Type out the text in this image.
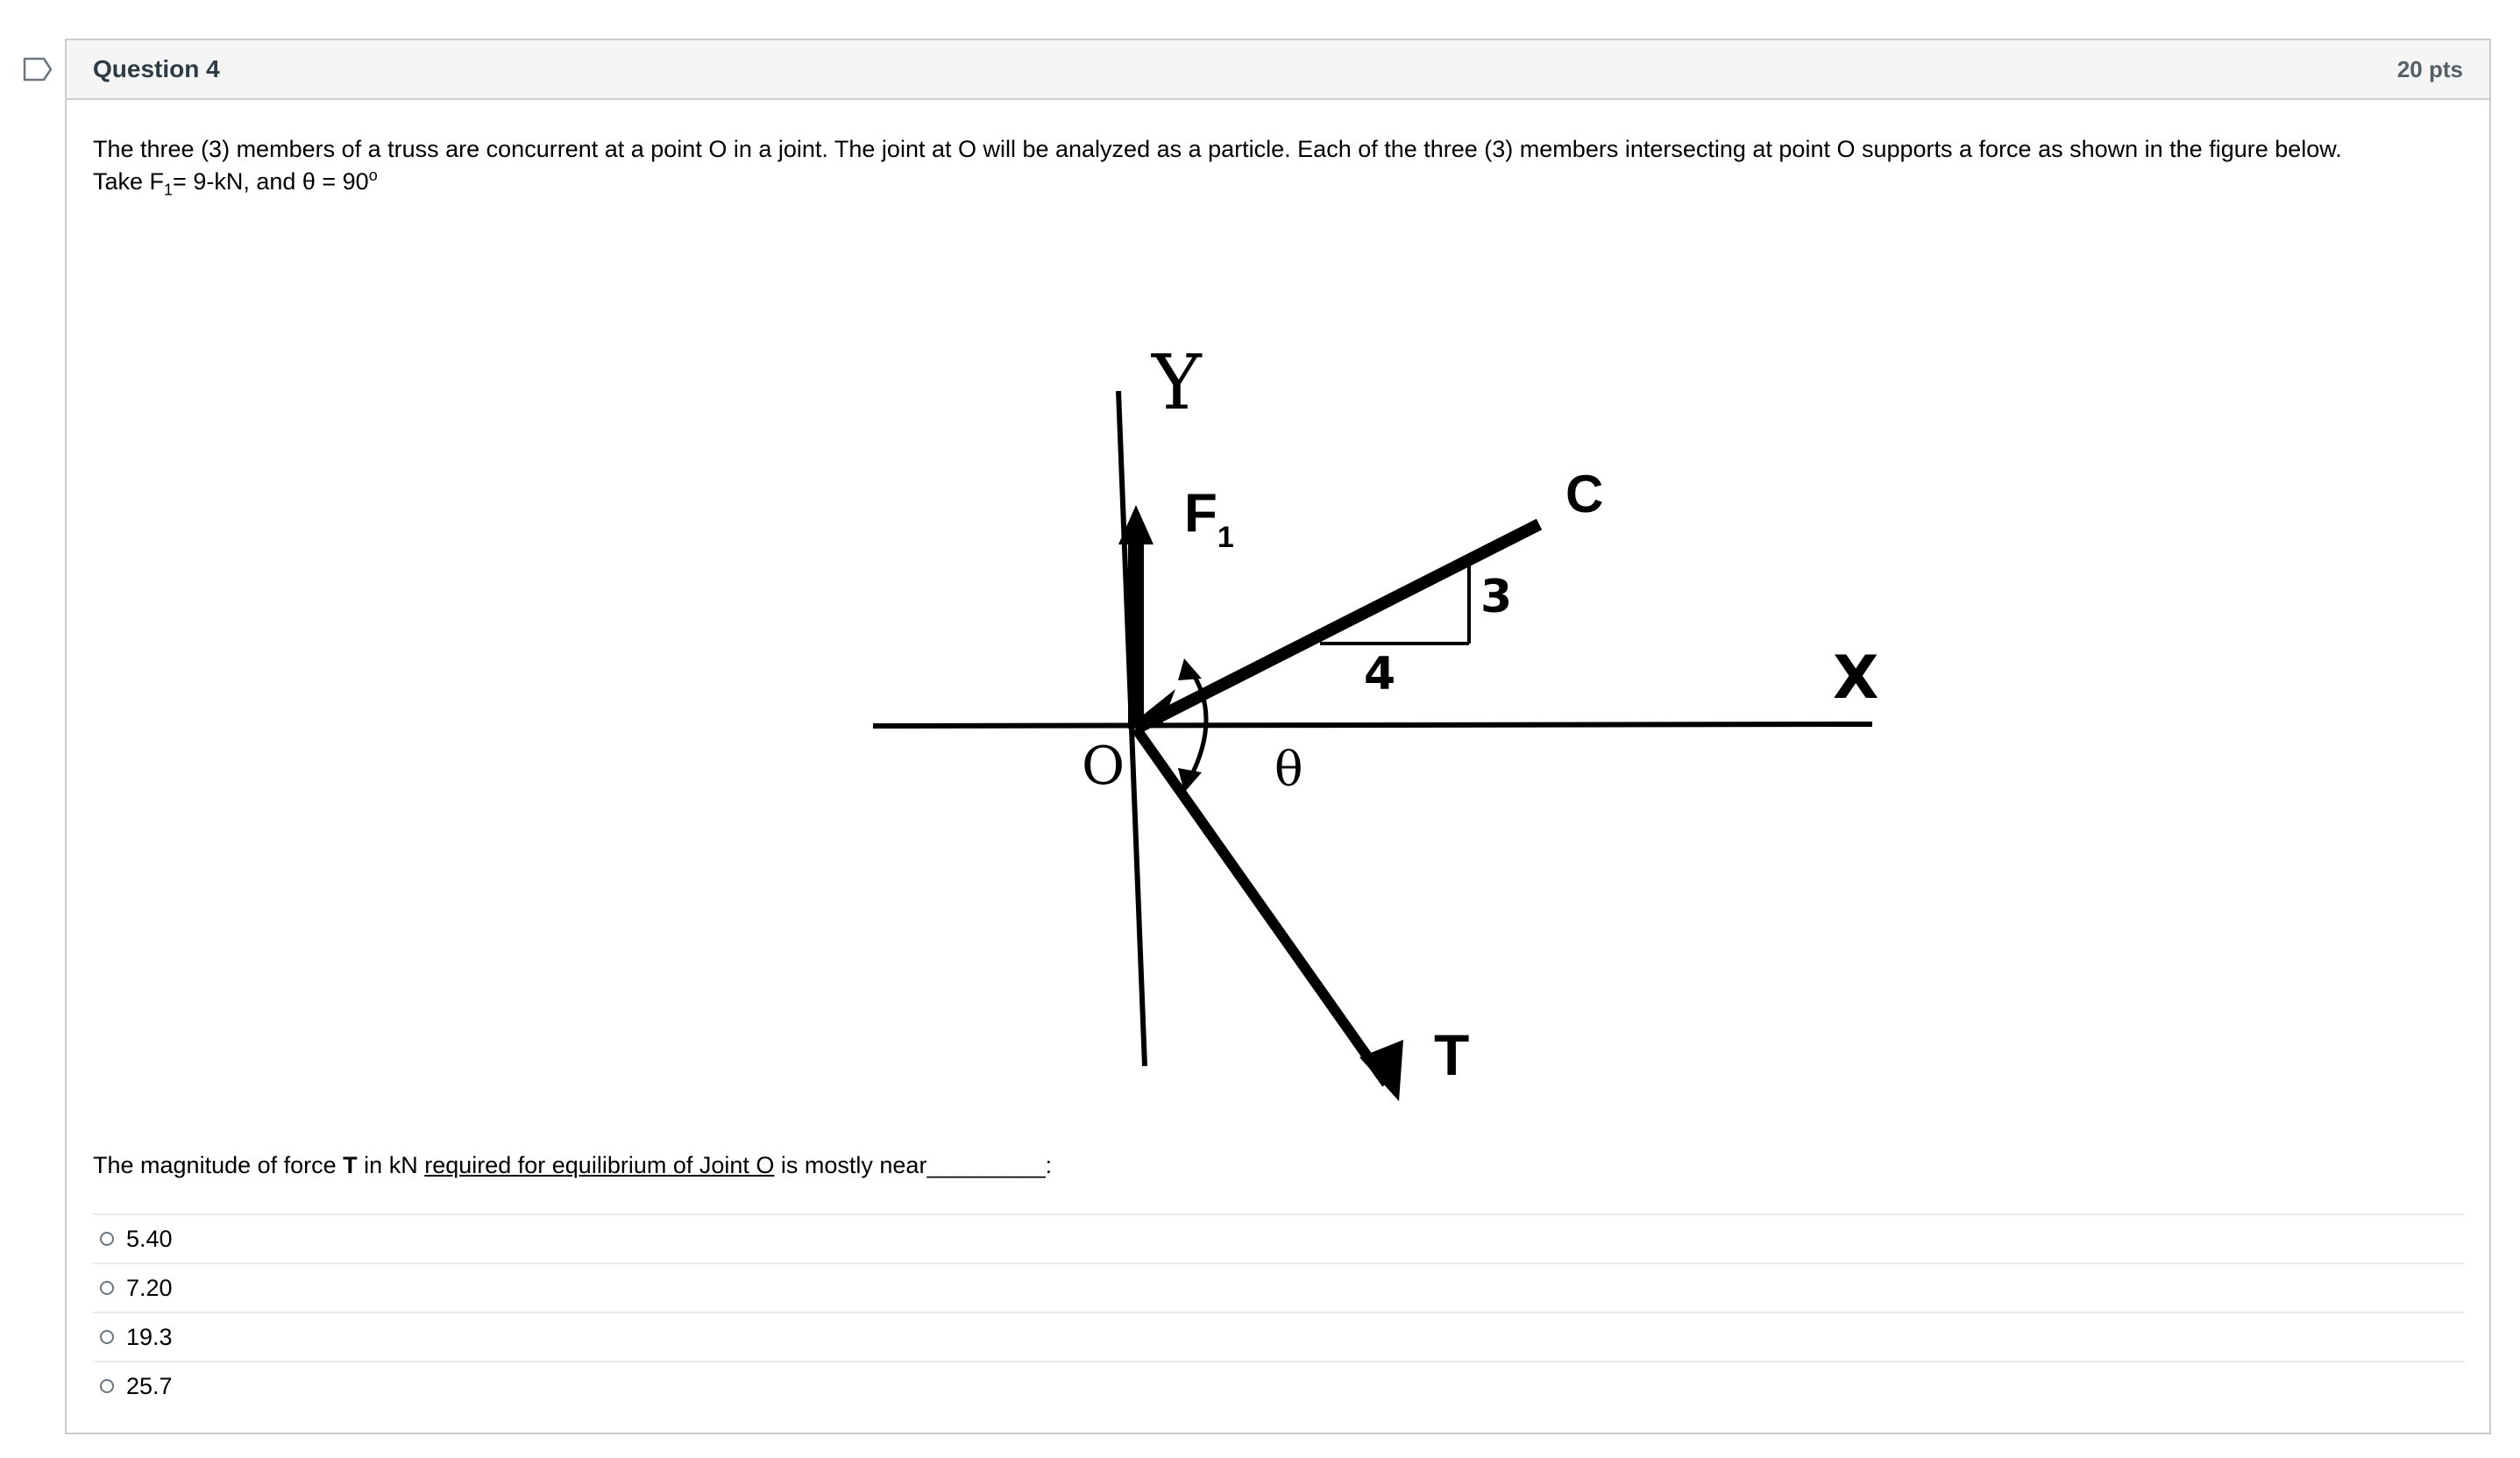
Question 4	20 pts
The three (3) members of a truss are concurrent at a point O in a joint. The joint at O will be analyzed as a particle. Each of the three (3) members intersecting at point O supports a force as shown in the figure below.
Take $F_1= 9-kN$, and $\theta = 90^o$
Y
X
$F_1$
C
3
4
O	θ
T
The magnitude of force T in kN required for equilibrium of Joint O is mostly near_________:
5.40
7.20
19.3
25.7
